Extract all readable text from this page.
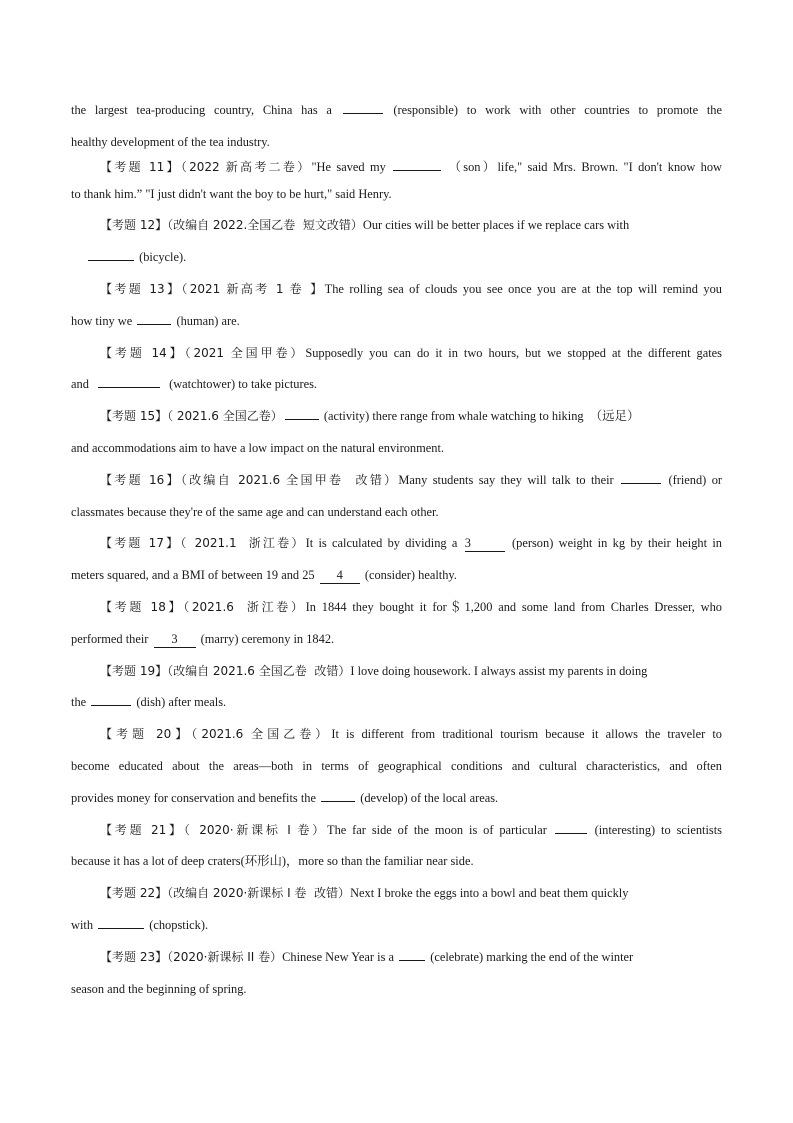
the largest tea-producing country, China has a	(responsible) to work with other countries to promote the
healthy development of the tea industry.
【考题 11】（2022 新高考二卷）"He saved my	（son）life," said Mrs. Brown. "I don't know how
to thank him.” "I just didn't want the boy to be hurt," said Henry.
【考题 12】（改编自 2022.全国乙卷  短文改错）Our cities will be better places if we replace cars with
(bicycle).
【考题 13】（2021 新高考 1 卷 】The rolling sea of clouds you see once you are at the top will remind you
how tiny we	(human) are.
【考题 14】（2021 全国甲卷）Supposedly you can do it in two hours, but we stopped at the different gates
and	(watchtower) to take pictures.
【考题 15】（ 2021.6 全国乙卷）	(activity) there range from whale watching to hiking  （远足）
and accommodations aim to have a low impact on the natural environment.
【考题 16】（改编自 2021.6 全国甲卷  改错）Many students say they will talk to their	(friend) or
classmates because they're of the same age and can understand each other.
【考题 17】（ 2021.1  浙江卷）It is calculated by dividing a 3	(person) weight in kg by their height in
meters squared, and a BMI of between 19 and 25 4 (consider) healthy.
【考题 18】（2021.6  浙江卷）In 1844 they bought it for＄1,200 and some land from Charles Dresser, who
performed their 3 (marry) ceremony in 1842.
【考题 19】（改编自 2021.6 全国乙卷  改错）I love doing housework. I always assist my parents in doing
the	(dish) after meals.
【考题 20】（2021.6 全国乙卷）It is different from traditional tourism because it allows the traveler to
become educated about the areas—both in terms of geographical conditions and cultural characteristics, and often
provides money for conservation and benefits the	(develop) of the local areas.
【考题 21】（ 2020·新课标 I 卷）The far side of the moon is of particular	(interesting) to scientists
because it has a lot of deep craters(环形山)，more so than the familiar near side.
【考题 22】（改编自 2020·新课标 I 卷  改错）Next I broke the eggs into a bowl and beat them quickly
with	(chopstick).
【考题 23】（2020·新课标 II 卷）Chinese New Year is a  (celebrate) marking the end of the winter
season and the beginning of spring.
